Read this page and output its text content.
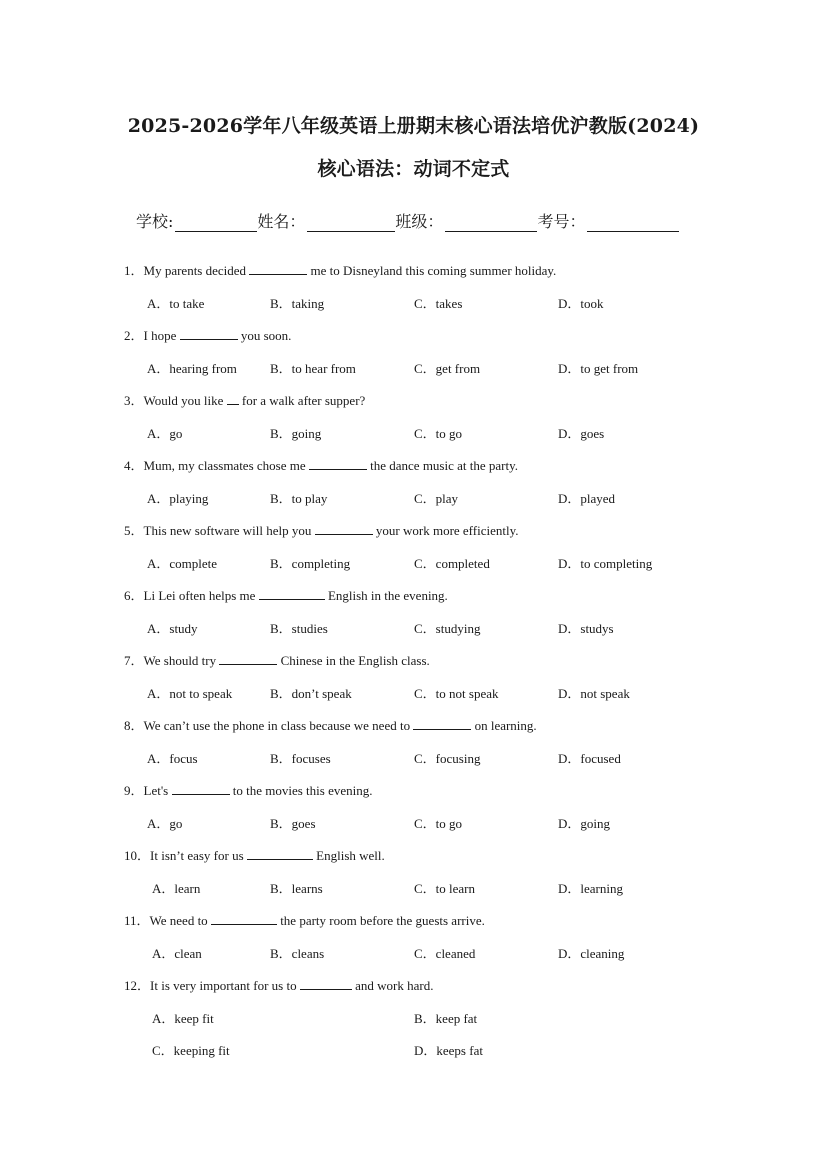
2025-2026学年八年级英语上册期末核心语法培优沪教版(2024)
核心语法：动词不定式
学校:	姓名：	班级：	考号：
1．My parents decided	me to Disneyland this coming summer holiday.
A．to take	B．taking	C．takes	D．took
2．I hope	you soon.
A．hearing from	B．to hear from	C．get from	D．to get from
3．Would you like  for a walk after supper?
A．go	B．going	C．to go	D．goes
4．Mum, my classmates chose me	the dance music at the party.
A．playing	B．to play	C．play	D．played
5．This new software will help you	your work more efficiently.
A．complete	B．completing	C．completed	D．to completing
6．Li Lei often helps me	English in the evening.
A．study	B．studies	C．studying	D．studys
7．We should try	Chinese in the English class.
A．not to speak	B．don’t speak	C．to not speak	D．not speak
8．We can’t use the phone in class because we need to	on learning.
A．focus	B．focuses	C．focusing	D．focused
9．Let's	to the movies this evening.
A．go	B．goes	C．to go	D．going
10．It isn’t easy for us	English well.
A．learn	B．learns	C．to learn	D．learning
11．We need to	the party room before the guests arrive.
A．clean	B．cleans	C．cleaned	D．cleaning
12．It is very important for us to	and work hard.
A．keep fit	B．keep fat
C．keeping fit	D．keeps fat
